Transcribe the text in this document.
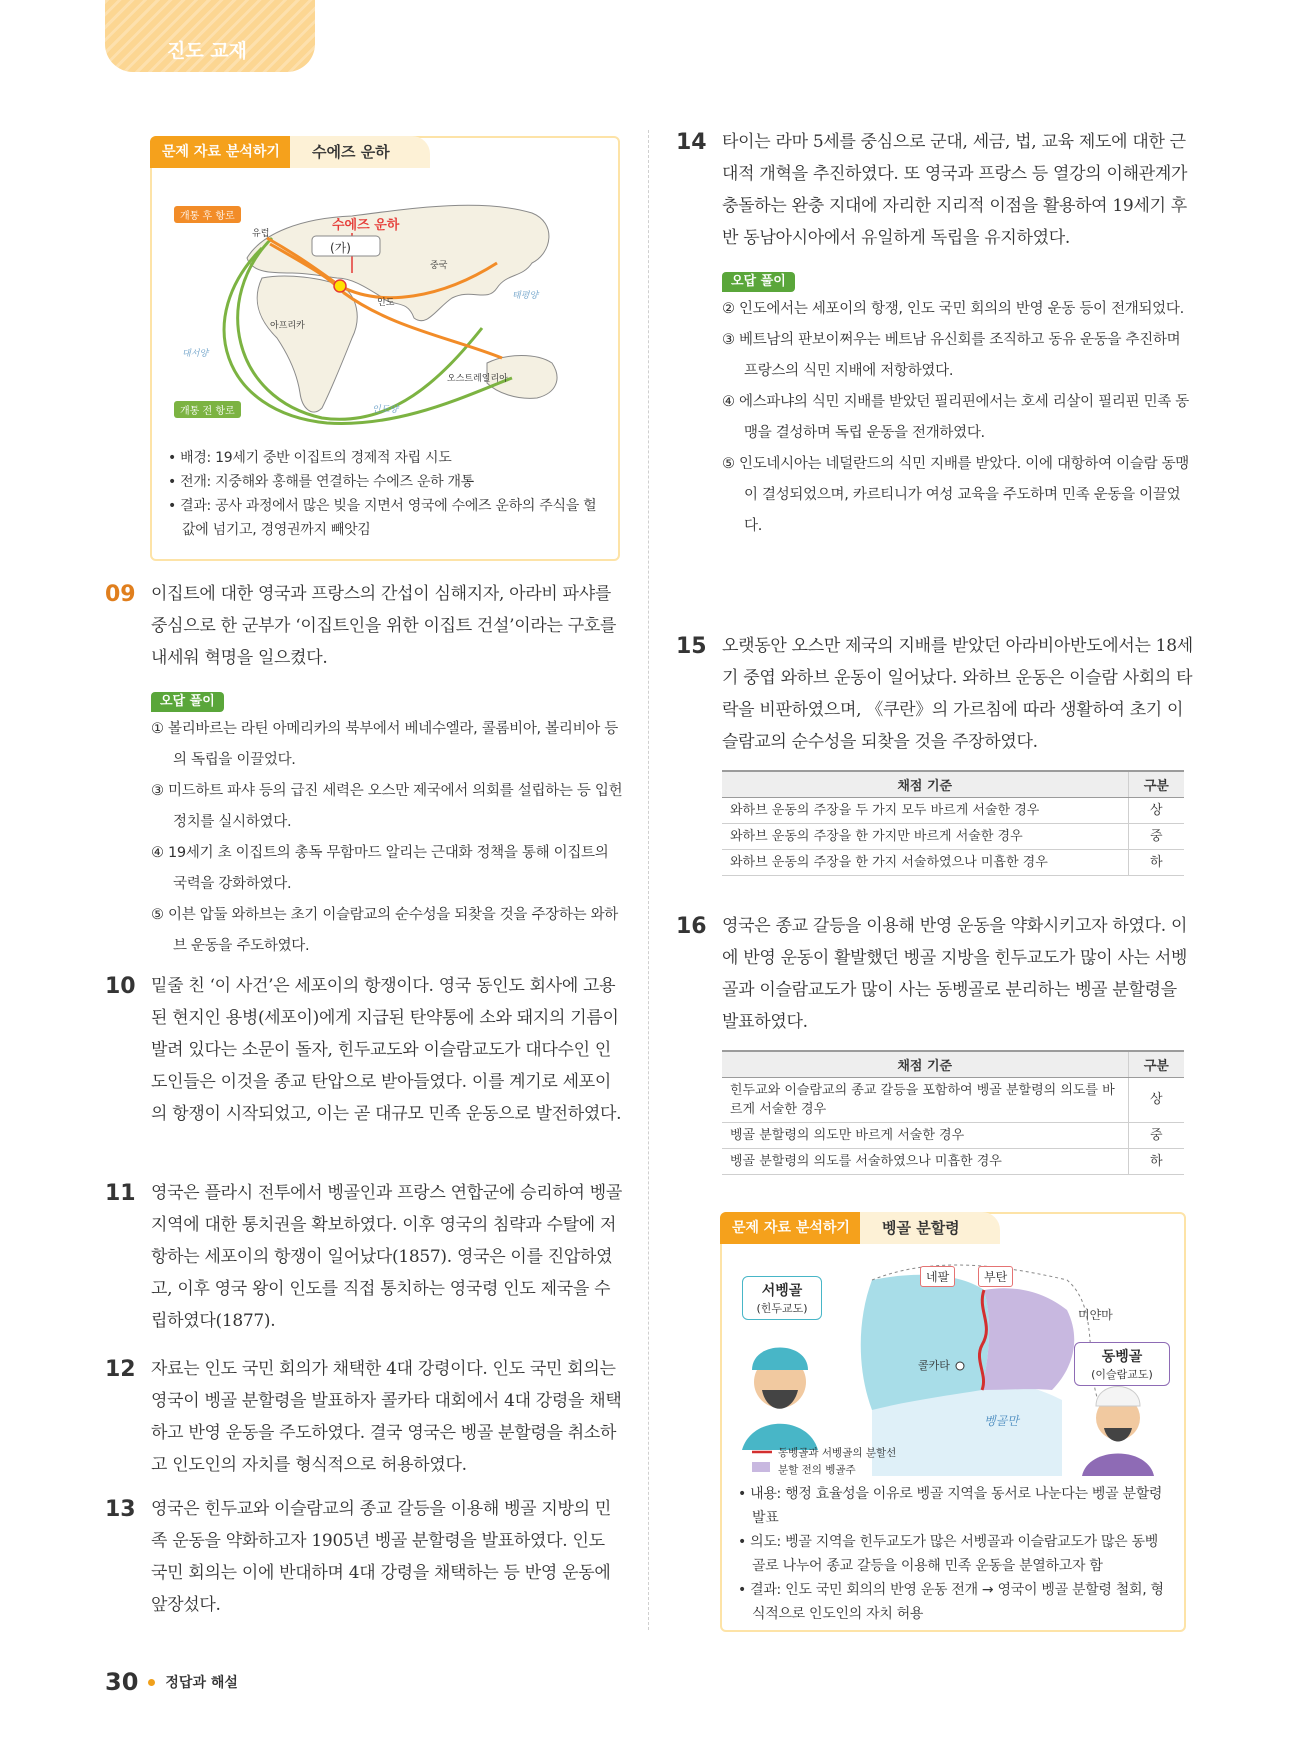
진도 교재
문제 자료 분석하기	수에즈 운하
개통 후 항로
개통 전 항로
수에즈 운하
(가)
유럽
아프리카
인도
중국
오스트레일리아
대서양
인도양
태평양
• 배경: 19세기 중반 이집트의 경제적 자립 시도
• 전개: 지중해와 홍해를 연결하는 수에즈 운하 개통
• 결과: 공사 과정에서 많은 빚을 지면서 영국에 수에즈 운하의 주식을 헐값에 넘기고, 경영권까지 빼앗김
09 이집트에 대한 영국과 프랑스의 간섭이 심해지자, 아라비 파샤를 중심으로 한 군부가 ‘이집트인을 위한 이집트 건설’이라는 구호를 내세워 혁명을 일으켰다.
오답 풀이
① 볼리바르는 라틴 아메리카의 북부에서 베네수엘라, 콜롬비아, 볼리비아 등의 독립을 이끌었다.
③ 미드하트 파샤 등의 급진 세력은 오스만 제국에서 의회를 설립하는 등 입헌 정치를 실시하였다.
④ 19세기 초 이집트의 총독 무함마드 알리는 근대화 정책을 통해 이집트의 국력을 강화하였다.
⑤ 이븐 압둘 와하브는 초기 이슬람교의 순수성을 되찾을 것을 주장하는 와하브 운동을 주도하였다.
10 밑줄 친 ‘이 사건’은 세포이의 항쟁이다. 영국 동인도 회사에 고용된 현지인 용병(세포이)에게 지급된 탄약통에 소와 돼지의 기름이 발려 있다는 소문이 돌자, 힌두교도와 이슬람교도가 대다수인 인도인들은 이것을 종교 탄압으로 받아들였다. 이를 계기로 세포이의 항쟁이 시작되었고, 이는 곧 대규모 민족 운동으로 발전하였다.
11 영국은 플라시 전투에서 벵골인과 프랑스 연합군에 승리하여 벵골 지역에 대한 통치권을 확보하였다. 이후 영국의 침략과 수탈에 저항하는 세포이의 항쟁이 일어났다(1857). 영국은 이를 진압하였고, 이후 영국 왕이 인도를 직접 통치하는 영국령 인도 제국을 수립하였다(1877).
12 자료는 인도 국민 회의가 채택한 4대 강령이다. 인도 국민 회의는 영국이 벵골 분할령을 발표하자 콜카타 대회에서 4대 강령을 채택하고 반영 운동을 주도하였다. 결국 영국은 벵골 분할령을 취소하고 인도인의 자치를 형식적으로 허용하였다.
13 영국은 힌두교와 이슬람교의 종교 갈등을 이용해 벵골 지방의 민족 운동을 약화하고자 1905년 벵골 분할령을 발표하였다. 인도 국민 회의는 이에 반대하며 4대 강령을 채택하는 등 반영 운동에 앞장섰다.
14 타이는 라마 5세를 중심으로 군대, 세금, 법, 교육 제도에 대한 근대적 개혁을 추진하였다. 또 영국과 프랑스 등 열강의 이해관계가 충돌하는 완충 지대에 자리한 지리적 이점을 활용하여 19세기 후반 동남아시아에서 유일하게 독립을 유지하였다.
오답 풀이
② 인도에서는 세포이의 항쟁, 인도 국민 회의의 반영 운동 등이 전개되었다.
③ 베트남의 판보이쩌우는 베트남 유신회를 조직하고 동유 운동을 추진하며 프랑스의 식민 지배에 저항하였다.
④ 에스파냐의 식민 지배를 받았던 필리핀에서는 호세 리살이 필리핀 민족 동맹을 결성하며 독립 운동을 전개하였다.
⑤ 인도네시아는 네덜란드의 식민 지배를 받았다. 이에 대항하여 이슬람 동맹이 결성되었으며, 카르티니가 여성 교육을 주도하며 민족 운동을 이끌었다.
15 오랫동안 오스만 제국의 지배를 받았던 아라비아반도에서는 18세기 중엽 와하브 운동이 일어났다. 와하브 운동은 이슬람 사회의 타락을 비판하였으며, 《쿠란》의 가르침에 따라 생활하여 초기 이슬람교의 순수성을 되찾을 것을 주장하였다.
채점 기준	구분
와하브 운동의 주장을 두 가지 모두 바르게 서술한 경우	상
와하브 운동의 주장을 한 가지만 바르게 서술한 경우	중
와하브 운동의 주장을 한 가지 서술하였으나 미흡한 경우	하
16 영국은 종교 갈등을 이용해 반영 운동을 약화시키고자 하였다. 이에 반영 운동이 활발했던 벵골 지방을 힌두교도가 많이 사는 서벵골과 이슬람교도가 많이 사는 동벵골로 분리하는 벵골 분할령을 발표하였다.
채점 기준	구분
힌두교와 이슬람교의 종교 갈등을 포함하여 벵골 분할령의 의도를 바르게 서술한 경우	상
벵골 분할령의 의도만 바르게 서술한 경우	중
벵골 분할령의 의도를 서술하였으나 미흡한 경우	하
문제 자료 분석하기	벵골 분할령
서벵골
(힌두교도)
동벵골
(이슬람교도)
네팔	부탄
미얀마
콜카타
벵골만
동벵골과 서벵골의 분할선
분할 전의 벵골주
• 내용: 행정 효율성을 이유로 벵골 지역을 동서로 나눈다는 벵골 분할령 발표
• 의도: 벵골 지역을 힌두교도가 많은 서벵골과 이슬람교도가 많은 동벵골로 나누어 종교 갈등을 이용해 민족 운동을 분열하고자 함
• 결과: 인도 국민 회의의 반영 운동 전개 → 영국이 벵골 분할령 철회, 형식적으로 인도인의 자치 허용
30 정답과 해설
